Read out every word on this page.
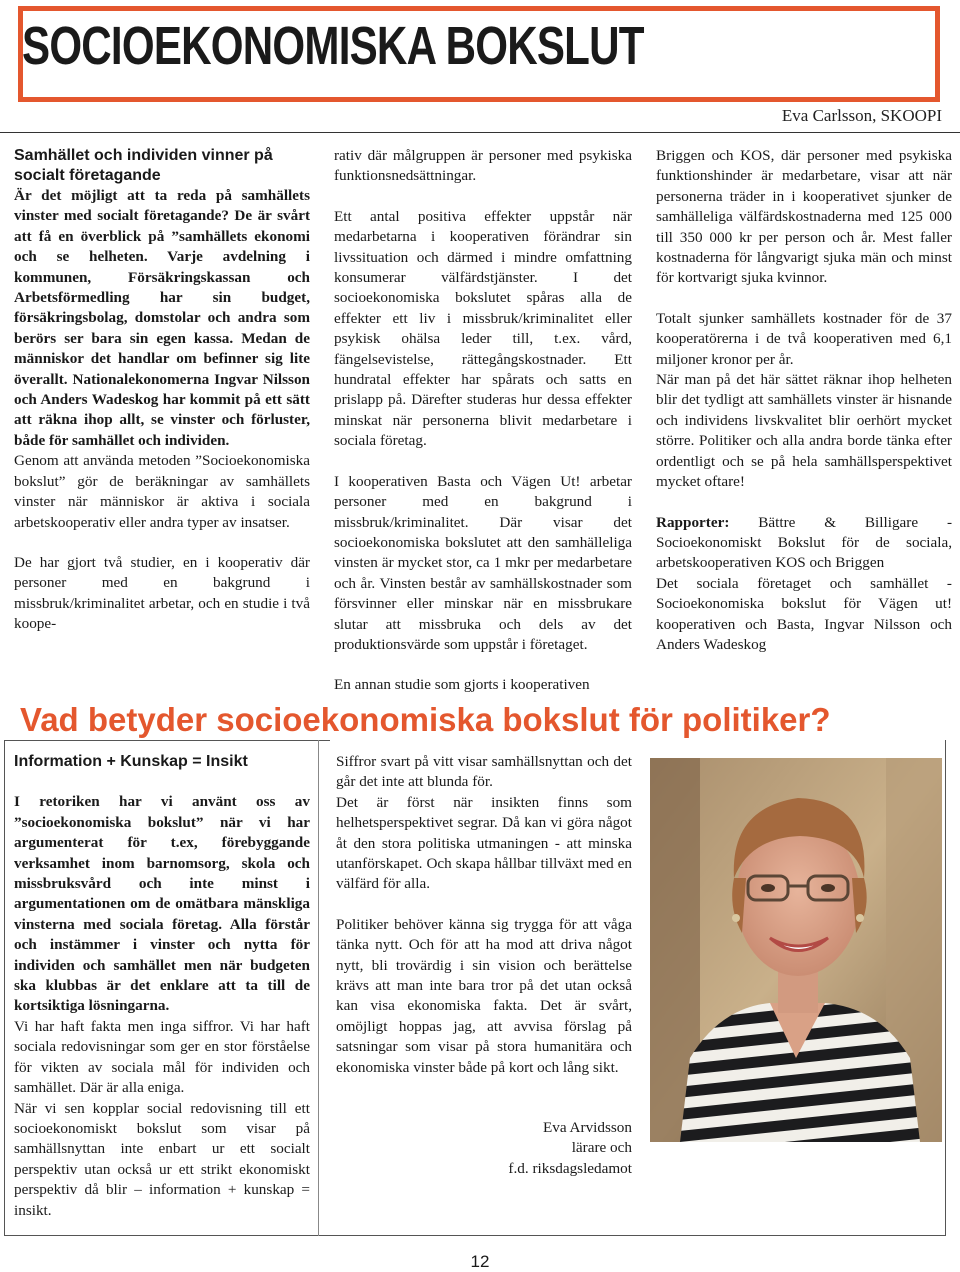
SOCIOEKONOMISKA BOKSLUT
Eva Carlsson, SKOOPI

Samhället och individen vinner på socialt företagande

Är det möjligt att ta reda på samhällets vinster med socialt företagande? De är svårt att få en överblick på ”samhällets ekonomi och se helheten. Varje avdelning i kommunen, Försäkringskassan och Arbetsförmedling har sin budget, försäkringsbolag, domstolar och andra som berörs ser bara sin egen kassa. Medan de människor det handlar om befinner sig lite överallt. Nationalekonomerna Ingvar Nilsson och Anders Wadeskog har kommit på ett sätt att räkna ihop allt, se vinster och förluster, både för samhället och individen.

Genom att använda metoden ”Socioekonomiska bokslut” gör de beräkningar av samhällets vinster när människor är aktiva i sociala arbetskooperativ eller andra typer av insatser.

De har gjort två studier, en i kooperativ där personer med en bakgrund i missbruk/kriminalitet arbetar, och en studie i två koope-

rativ där målgruppen är personer med psykiska funktionsnedsättningar.

Ett antal positiva effekter uppstår när medarbetarna i kooperativen förändrar sin livssituation och därmed i mindre omfattning konsumerar välfärdstjänster. I det socioekonomiska bokslutet spåras alla de effekter ett liv i missbruk/kriminalitet eller psykisk ohälsa leder till, t.ex. vård, fängelsevistelse, rättegångskostnader. Ett hundratal effekter har spårats och satts en prislapp på. Därefter studeras hur dessa effekter minskat när personerna blivit medarbetare i sociala företag.

I kooperativen Basta och Vägen Ut! arbetar personer med en bakgrund i missbruk/kriminalitet. Där visar det socioekonomiska bokslutet att den samhälleliga vinsten är mycket stor, ca 1 mkr per medarbetare och år. Vinsten består av samhällskostnader som försvinner eller minskar när en missbrukare slutar att missbruka och dels av det produktionsvärde som uppstår i företaget.

En annan studie som gjorts i kooperativen

Briggen och KOS, där personer med psykiska funktionshinder är medarbetare, visar att när personerna träder in i kooperativet sjunker de samhälleliga välfärdskostnaderna med 125 000 till 350 000 kr per person och år. Mest faller kostnaderna för långvarigt sjuka män och minst för kortvarigt sjuka kvinnor.

Totalt sjunker samhällets kostnader för de 37 kooperatörerna i de två kooperativen med 6,1 miljoner kronor per år.

När man på det här sättet räknar ihop helheten blir det tydligt att samhällets vinster är hisnande och individens livskvalitet blir oerhört mycket större. Politiker och alla andra borde tänka efter ordentligt och se på hela samhällsperspektivet mycket oftare!

Rapporter: Bättre & Billigare - Socioekonomiskt Bokslut för de sociala, arbetskooperativen KOS och Briggen

Det sociala företaget och samhället - Socioekonomiska bokslut för Vägen ut! kooperativen och Basta, Ingvar Nilsson och Anders Wadeskog

Vad betyder socioekonomiska bokslut för politiker?

Information + Kunskap = Insikt

I retoriken har vi använt oss av ”socioekonomiska bokslut” när vi har argumenterat för t.ex, förebyggande verksamhet inom barnomsorg, skola och missbruksvård och inte minst i argumentationen om de omätbara mänskliga vinsterna med sociala företag. Alla förstår och instämmer i vinster och nytta för individen och samhället men när budgeten ska klubbas är det enklare att ta till de kortsiktiga lösningarna.

Vi har haft fakta men inga siffror. Vi har haft sociala redovisningar som ger en stor förståelse för vikten av sociala mål för individen och samhället. Där är alla eniga.

När vi sen kopplar social redovisning till ett socioekonomiskt bokslut som visar på samhällsnyttan inte enbart ur ett socialt perspektiv utan också ur ett strikt ekonomiskt perspektiv då blir – information + kunskap = insikt.

Siffror svart på vitt visar samhällsnyttan och det går det inte att blunda för.

Det är först när insikten finns som helhetsperspektivet segrar. Då kan vi göra något åt den stora politiska utmaningen - att minska utanförskapet. Och skapa hållbar tillväxt med en välfärd för alla.

Politiker behöver känna sig trygga för att våga tänka nytt. Och för att ha mod att driva något nytt, bli trovärdig i sin vision och berättelse krävs att man inte bara tror på det utan också kan visa ekonomiska fakta. Det är svårt, omöjligt hoppas jag, att avvisa förslag på satsningar som visar på stora humanitära och ekonomiska vinster både på kort och lång sikt.

Eva Arvidsson
lärare och
f.d. riksdagsledamot
12
